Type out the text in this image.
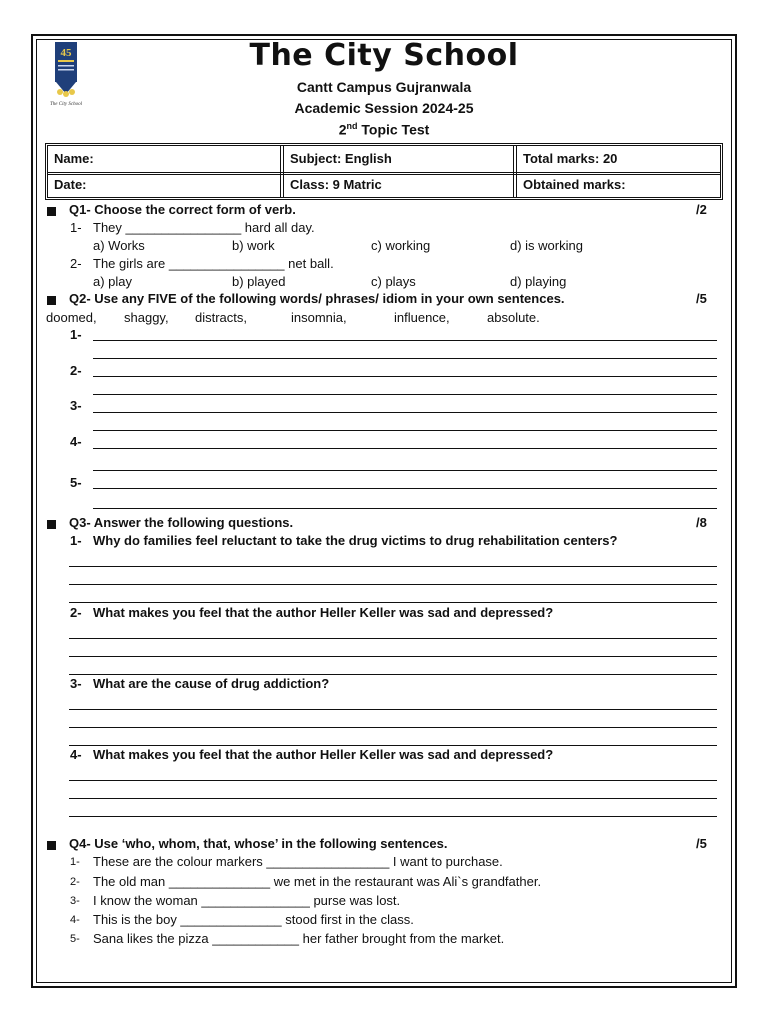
45
The City School
The City School
Cantt Campus Gujranwala
Academic Session 2024-25
2nd Topic Test
Name:	Subject: English	Total marks: 20
Date:	Class: 9 Matric	Obtained marks:
Q1- Choose the correct form of verb.	/2
1- They ________________ hard all day.
a) Works	b) work	c) working	d) is working
2- The girls are ________________ net ball.
a) play	b) played	c) plays	d) playing
Q2- Use any FIVE of the following words/ phrases/ idiom in your own sentences.	/5
doomed, shaggy, distracts,	insomnia,	influence,	absolute.
1-
2-
3-
4-
5-
Q3- Answer the following questions.	/8
1- Why do families feel reluctant to take the drug victims to drug rehabilitation centers?
2- What makes you feel that the author Heller Keller was sad and depressed?
3- What are the cause of drug addiction?
4- What makes you feel that the author Heller Keller was sad and depressed?
Q4- Use ‘who, whom, that, whose’ in the following sentences.	/5
1- These are the colour markers _________________ I want to purchase.
2- The old man ______________ we met in the restaurant was Ali`s grandfather.
3- I know the woman _______________ purse was lost.
4- This is the boy ______________ stood first in the class.
5- Sana likes the pizza ____________ her father brought from the market.
